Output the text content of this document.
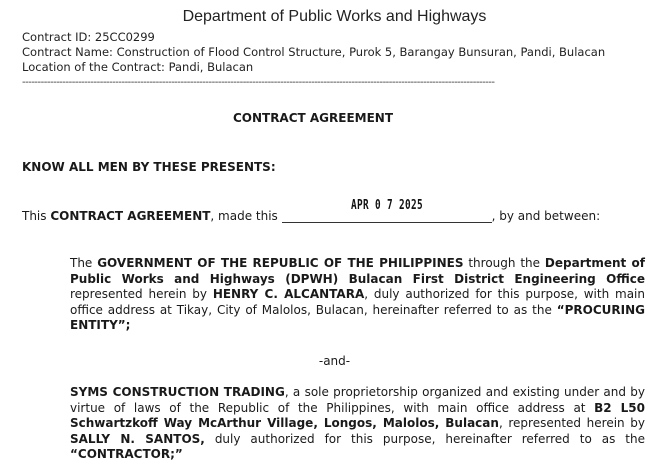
Department of Public Works and Highways
Contract ID: 25CC0299
Contract Name: Construction of Flood Control Structure, Purok 5, Barangay Bunsuran, Pandi, Bulacan
Location of the Contract: Pandi, Bulacan
--------------------------------------------------------------------------------------------------------------------------------------------------------
CONTRACT AGREEMENT
KNOW ALL MEN BY THESE PRESENTS:
This CONTRACT AGREEMENT, made this
APR 0 7 2025
, by and between:
The GOVERNMENT OF THE REPUBLIC OF THE PHILIPPINES through the Department of Public Works and Highways (DPWH) Bulacan First District Engineering Office represented herein by HENRY C. ALCANTARA, duly authorized for this purpose, with main office address at Tikay, City of Malolos, Bulacan, hereinafter referred to as the “PROCURING ENTITY”;
-and-
SYMS CONSTRUCTION TRADING, a sole proprietorship organized and existing under and by virtue of laws of the Republic of the Philippines, with main office address at B2 L50 Schwartzkoff Way McArthur Village, Longos, Malolos, Bulacan, represented herein by SALLY N. SANTOS, duly authorized for this purpose, hereinafter referred to as the “CONTRACTOR;”
